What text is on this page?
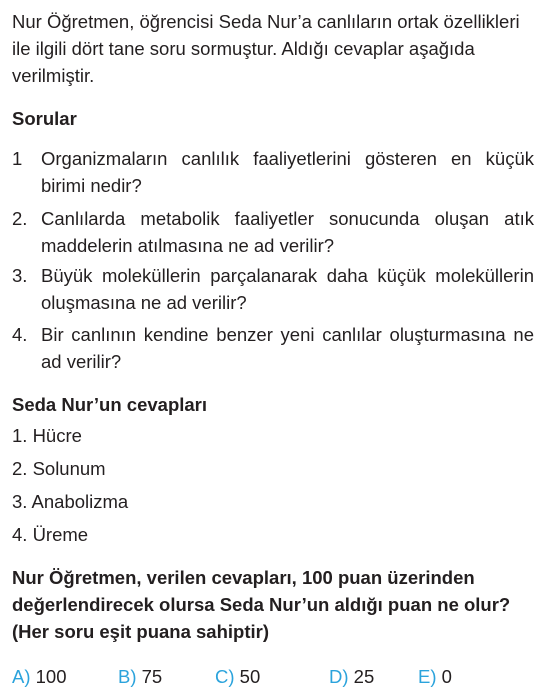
Nur Öğretmen, öğrencisi Seda Nur’a canlıların ortak özellikleri ile ilgili dört tane soru sormuştur. Aldığı cevaplar aşağıda verilmiştir.
Sorular
1 Organizmaların canlılık faaliyetlerini gösteren en küçük birimi nedir?
2. Canlılarda metabolik faaliyetler sonucunda oluşan atık maddelerin atılmasına ne ad verilir?
3. Büyük moleküllerin parçalanarak daha küçük moleküllerin oluşmasına ne ad verilir?
4. Bir canlının kendine benzer yeni canlılar oluşturmasına ne ad verilir?
Seda Nur’un cevapları
1. Hücre
2. Solunum
3. Anabolizma
4. Üreme
Nur Öğretmen, verilen cevapları, 100 puan üzerinden değerlendirecek olursa Seda Nur’un aldığı puan ne olur? (Her soru eşit puana sahiptir)
A) 100	B) 75	C) 50	D) 25 E) 0
